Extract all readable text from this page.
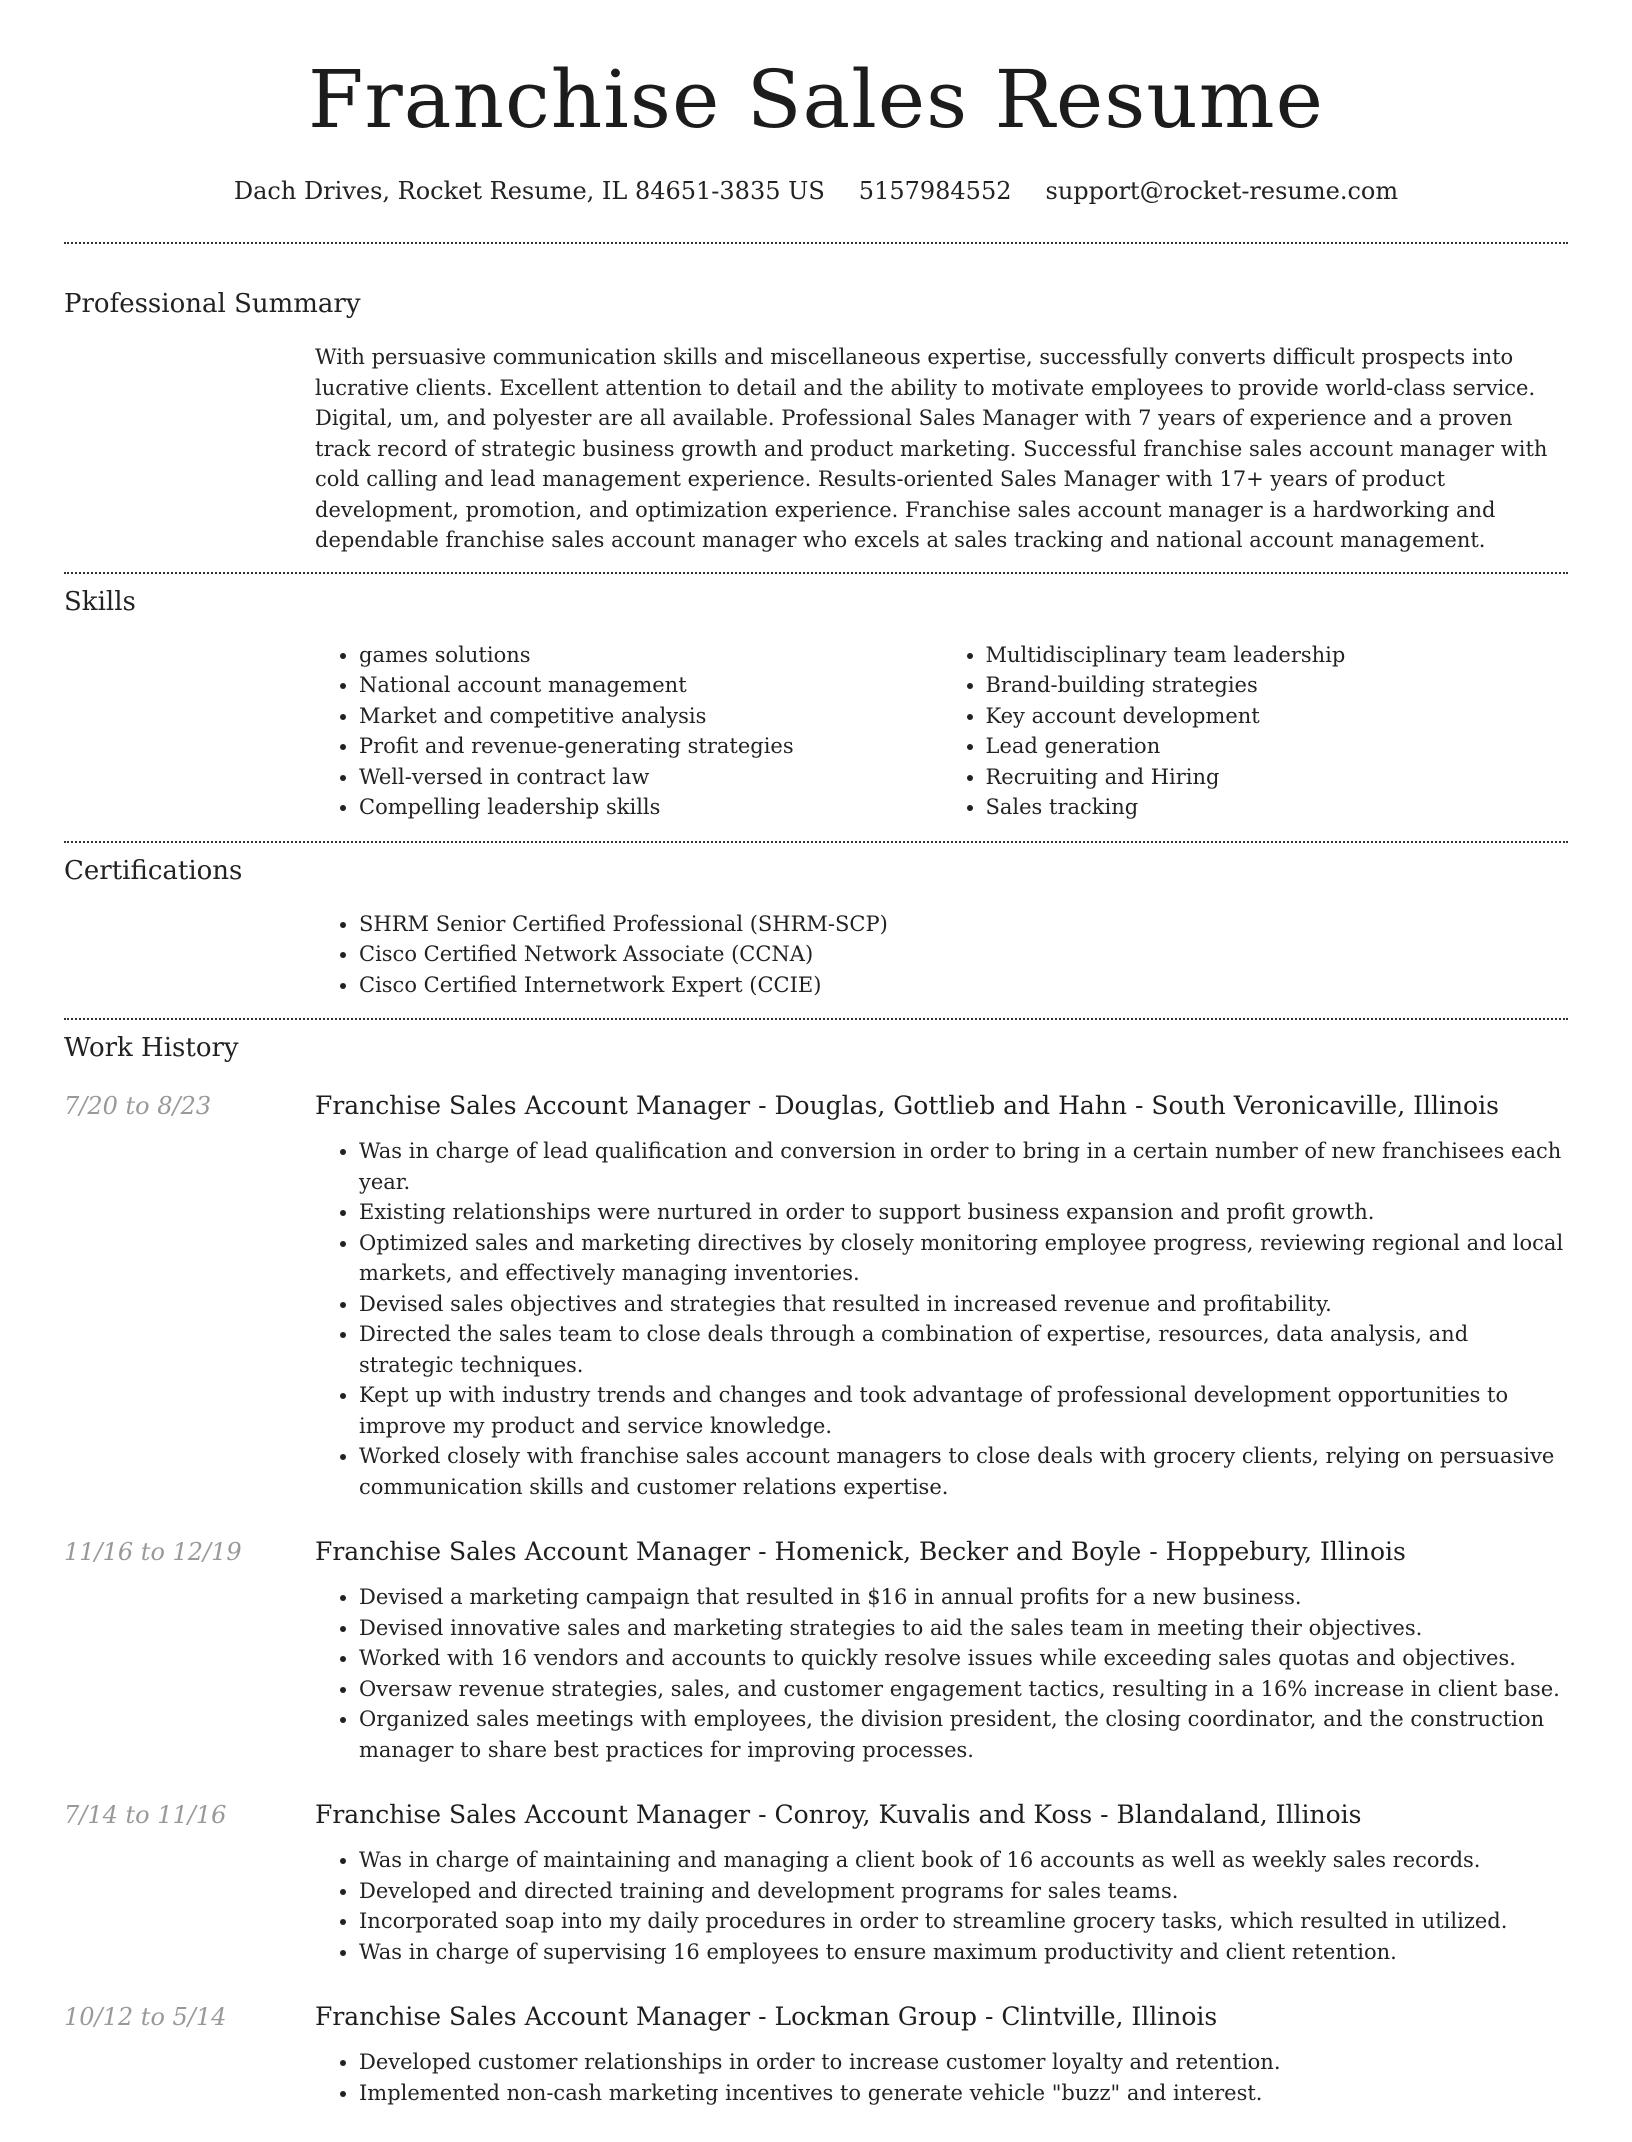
Franchise Sales Resume
Dach Drives, Rocket Resume, IL 84651-3835 US 5157984552 support@rocket-resume.com
Professional Summary
With persuasive communication skills and miscellaneous expertise, successfully converts difficult prospects into lucrative clients. Excellent attention to detail and the ability to motivate employees to provide world-class service. Digital, um, and polyester are all available. Professional Sales Manager with 7 years of experience and a proven track record of strategic business growth and product marketing. Successful franchise sales account manager with cold calling and lead management experience. Results-oriented Sales Manager with 17+ years of product development, promotion, and optimization experience. Franchise sales account manager is a hardworking and dependable franchise sales account manager who excels at sales tracking and national account management.
Skills
• games solutions
• National account management
• Market and competitive analysis
• Profit and revenue-generating strategies
• Well-versed in contract law
• Compelling leadership skills
• Multidisciplinary team leadership
• Brand-building strategies
• Key account development
• Lead generation
• Recruiting and Hiring
• Sales tracking
Certifications
• SHRM Senior Certified Professional (SHRM-SCP)
• Cisco Certified Network Associate (CCNA)
• Cisco Certified Internetwork Expert (CCIE)
Work History
7/20 to 8/23	Franchise Sales Account Manager - Douglas, Gottlieb and Hahn - South Veronicaville, Illinois
• Was in charge of lead qualification and conversion in order to bring in a certain number of new franchisees each year.
• Existing relationships were nurtured in order to support business expansion and profit growth.
• Optimized sales and marketing directives by closely monitoring employee progress, reviewing regional and local markets, and effectively managing inventories.
• Devised sales objectives and strategies that resulted in increased revenue and profitability.
• Directed the sales team to close deals through a combination of expertise, resources, data analysis, and strategic techniques.
• Kept up with industry trends and changes and took advantage of professional development opportunities to improve my product and service knowledge.
• Worked closely with franchise sales account managers to close deals with grocery clients, relying on persuasive communication skills and customer relations expertise.
11/16 to 12/19	Franchise Sales Account Manager - Homenick, Becker and Boyle - Hoppebury, Illinois
• Devised a marketing campaign that resulted in $16 in annual profits for a new business.
• Devised innovative sales and marketing strategies to aid the sales team in meeting their objectives.
• Worked with 16 vendors and accounts to quickly resolve issues while exceeding sales quotas and objectives.
• Oversaw revenue strategies, sales, and customer engagement tactics, resulting in a 16% increase in client base.
• Organized sales meetings with employees, the division president, the closing coordinator, and the construction manager to share best practices for improving processes.
7/14 to 11/16	Franchise Sales Account Manager - Conroy, Kuvalis and Koss - Blandaland, Illinois
• Was in charge of maintaining and managing a client book of 16 accounts as well as weekly sales records.
• Developed and directed training and development programs for sales teams.
• Incorporated soap into my daily procedures in order to streamline grocery tasks, which resulted in utilized.
• Was in charge of supervising 16 employees to ensure maximum productivity and client retention.
10/12 to 5/14	Franchise Sales Account Manager - Lockman Group - Clintville, Illinois
• Developed customer relationships in order to increase customer loyalty and retention.
• Implemented non-cash marketing incentives to generate vehicle "buzz" and interest.
